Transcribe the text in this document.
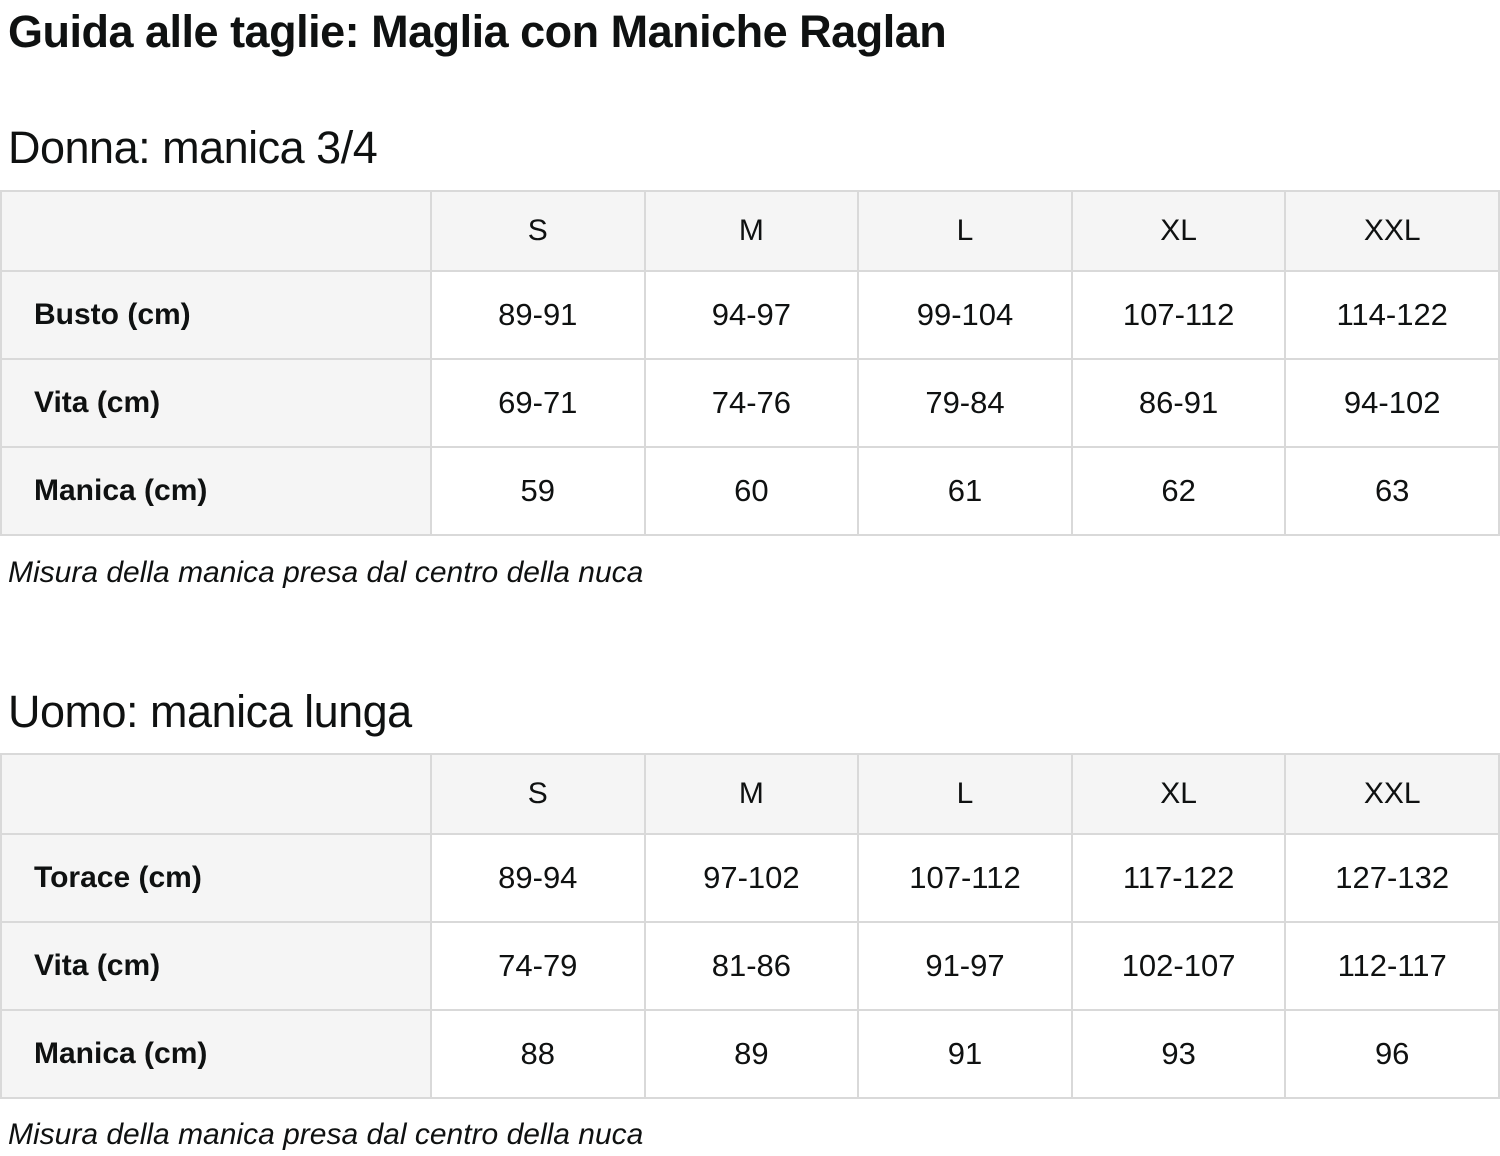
Guida alle taglie: Maglia con Maniche Raglan
Donna: manica 3/4
	S	M	L	XL	XXL
Busto (cm)	89-91	94-97	99-104	107-112	114-122
Vita (cm)	69-71	74-76	79-84	86-91	94-102
Manica (cm)	59	60	61	62	63

Misura della manica presa dal centro della nuca

Uomo: manica lunga
	S	M	L	XL	XXL
Torace (cm)	89-94	97-102	107-112	117-122	127-132
Vita (cm)	74-79	81-86	91-97	102-107	112-117
Manica (cm)	88	89	91	93	96

Misura della manica presa dal centro della nuca
